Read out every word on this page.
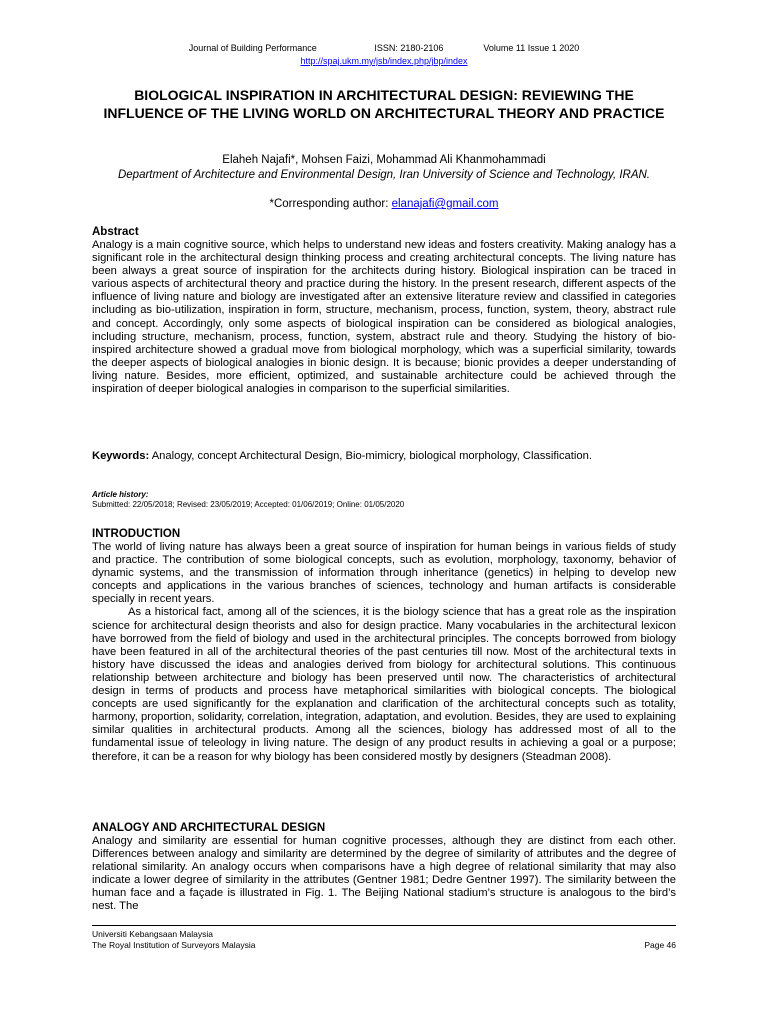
Journal of Building Performance	ISSN: 2180-2106	Volume 11 Issue 1 2020
http://spaj.ukm.my/jsb/index.php/jbp/index
BIOLOGICAL INSPIRATION IN ARCHITECTURAL DESIGN: REVIEWING THE INFLUENCE OF THE LIVING WORLD ON ARCHITECTURAL THEORY AND PRACTICE
Elaheh Najafi*, Mohsen Faizi, Mohammad Ali Khanmohammadi
Department of Architecture and Environmental Design, Iran University of Science and Technology, IRAN.
*Corresponding author: elanajafi@gmail.com

Abstract

Analogy is a main cognitive source, which helps to understand new ideas and fosters creativity. Making analogy has a significant role in the architectural design thinking process and creating architectural concepts. The living nature has been always a great source of inspiration for the architects during history. Biological inspiration can be traced in various aspects of architectural theory and practice during the history. In the present research, different aspects of the influence of living nature and biology are investigated after an extensive literature review and classified in categories including as bio-utilization, inspiration in form, structure, mechanism, process, function, system, theory, abstract rule and concept. Accordingly, only some aspects of biological inspiration can be considered as biological analogies, including structure, mechanism, process, function, system, abstract rule and theory. Studying the history of bio-inspired architecture showed a gradual move from biological morphology, which was a superficial similarity, towards the deeper aspects of biological analogies in bionic design. It is because; bionic provides a deeper understanding of living nature. Besides, more efficient, optimized, and sustainable architecture could be achieved through the inspiration of deeper biological analogies in comparison to the superficial similarities.

Keywords: Analogy, concept Architectural Design, Bio-mimicry, biological morphology, Classification.

Article history:
Submitted: 22/05/2018; Revised: 23/05/2019; Accepted: 01/06/2019; Online: 01/05/2020

INTRODUCTION

The world of living nature has always been a great source of inspiration for human beings in various fields of study and practice. The contribution of some biological concepts, such as evolution, morphology, taxonomy, behavior of dynamic systems, and the transmission of information through inheritance (genetics) in helping to develop new concepts and applications in the various branches of sciences, technology and human artifacts is considerable specially in recent years.

As a historical fact, among all of the sciences, it is the biology science that has a great role as the inspiration science for architectural design theorists and also for design practice. Many vocabularies in the architectural lexicon have borrowed from the field of biology and used in the architectural principles. The concepts borrowed from biology have been featured in all of the architectural theories of the past centuries till now. Most of the architectural texts in history have discussed the ideas and analogies derived from biology for architectural solutions. This continuous relationship between architecture and biology has been preserved until now. The characteristics of architectural design in terms of products and process have metaphorical similarities with biological concepts. The biological concepts are used significantly for the explanation and clarification of the architectural concepts such as totality, harmony, proportion, solidarity, correlation, integration, adaptation, and evolution. Besides, they are used to explaining similar qualities in architectural products. Among all the sciences, biology has addressed most of all to the fundamental issue of teleology in living nature. The design of any product results in achieving a goal or a purpose; therefore, it can be a reason for why biology has been considered mostly by designers (Steadman 2008).

ANALOGY AND ARCHITECTURAL DESIGN

Analogy and similarity are essential for human cognitive processes, although they are distinct from each other. Differences between analogy and similarity are determined by the degree of similarity of attributes and the degree of relational similarity. An analogy occurs when comparisons have a high degree of relational similarity that may also indicate a lower degree of similarity in the attributes (Gentner 1981; Dedre Gentner 1997). The similarity between the human face and a façade is illustrated in Fig. 1. The Beijing National stadium’s structure is analogous to the bird’s nest. The

Universiti Kebangsaan Malaysia
The Royal Institution of Surveyors Malaysia	Page 46
